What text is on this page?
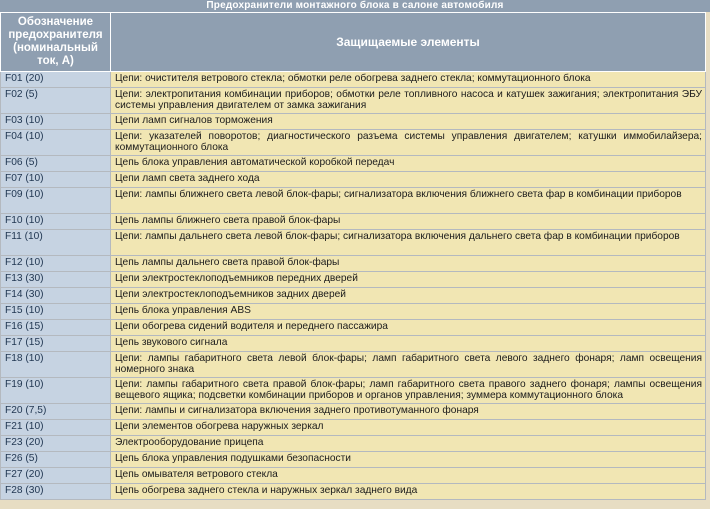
Предохранители монтажного блока в салоне автомобиля
Обозначение предохранителя (номинальный ток, А)	Защищаемые элементы
F01 (20)	Цепи: очистителя ветрового стекла; обмотки реле обогрева заднего стекла; коммутационного блока
F02 (5)	Цепи: электропитания комбинации приборов; обмотки реле топливного насоса и катушек зажигания; электропитания ЭБУ системы управления двигателем от замка зажигания
F03 (10)	Цепи ламп сигналов торможения
F04 (10)	Цепи: указателей поворотов; диагностического разъема системы управления двигателем; катушки иммобилайзера; коммутационного блока
F06 (5)	Цепь блока управления автоматической коробкой передач
F07 (10)	Цепи ламп света заднего хода
F09 (10)	Цепи: лампы ближнего света левой блок-фары; сигнализатора включения ближнего света фар в комбинации приборов
F10 (10)	Цепь лампы ближнего света правой блок-фары
F11 (10)	Цепи: лампы дальнего света левой блок-фары; сигнализатора включения дальнего света фар в комбинации приборов
F12 (10)	Цепь лампы дальнего света правой блок-фары
F13 (30)	Цепи электростеклоподъемников передних дверей
F14 (30)	Цепи электростеклоподъемников задних дверей
F15 (10)	Цепь блока управления ABS
F16 (15)	Цепи обогрева сидений водителя и переднего пассажира
F17 (15)	Цепь звукового сигнала
F18 (10)	Цепи: лампы габаритного света левой блок-фары; ламп габаритного света левого заднего фонаря; ламп освещения номерного знака
F19 (10)	Цепи: лампы габаритного света правой блок-фары; ламп габаритного света правого заднего фонаря; лампы освещения вещевого ящика; подсветки комбинации приборов и органов управления; зуммера коммутационного блока
F20 (7,5)	Цепи: лампы и сигнализатора включения заднего противотуманного фонаря
F21 (10)	Цепи элементов обогрева наружных зеркал
F23 (20)	Электрооборудование прицепа
F26 (5)	Цепь блока управления подушками безопасности
F27 (20)	Цепь омывателя ветрового стекла
F28 (30)	Цепь обогрева заднего стекла и наружных зеркал заднего вида
